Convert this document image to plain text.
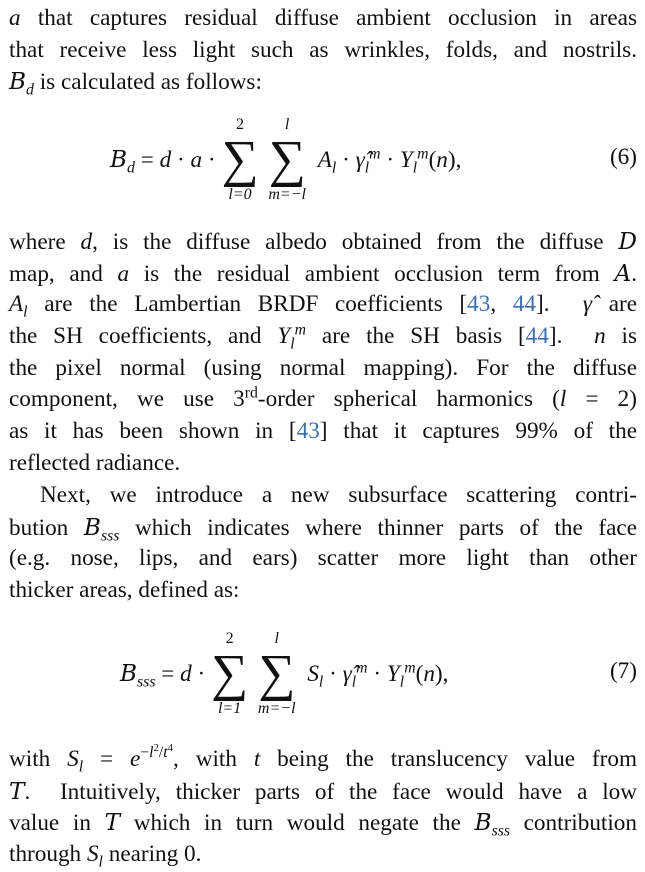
a that captures residual diffuse ambient occlusion in areas
that receive less light such as wrinkles, folds, and nostrils.
$B_d$ is calculated as follows:
$B_d = d \cdot a$ ·
2
∑
l=0

l
∑
m=−l
$A_l$ · $\gammâ_l^m \cdot Y_l^m(n)$,	(6)
where d, is the diffuse albedo obtained from the diffuse D
map, and a is the residual ambient occlusion term from A.
$A_l$ are the Lambertian BRDF coefficients [43, 44].  γ̂ are
the SH coefficients, and $Y_l^m$ are the SH basis [44].  n is
the pixel normal (using normal mapping). For the diffuse
component, we use 3rd-order spherical harmonics (l = 2)
as it has been shown in [43] that it captures 99% of the
reflected radiance.
Next, we introduce a new subsurface scattering contri-
bution $B_{sss}$ which indicates where thinner parts of the face
(e.g. nose, lips, and ears) scatter more light than other
thicker areas, defined as:
$B_{sss} = d$ ·
2
∑
l=1

l
∑
m=−l
$S_l$ · $\gammâ_l^m \cdot Y_l^m(n)$,	(7)
with $S_l = e^{-l^2/t^4}$, with t being the translucency value from
T.  Intuitively, thicker parts of the face would have a low
value in T which in turn would negate the $B_{sss}$ contribution
through $S_l$ nearing 0.
